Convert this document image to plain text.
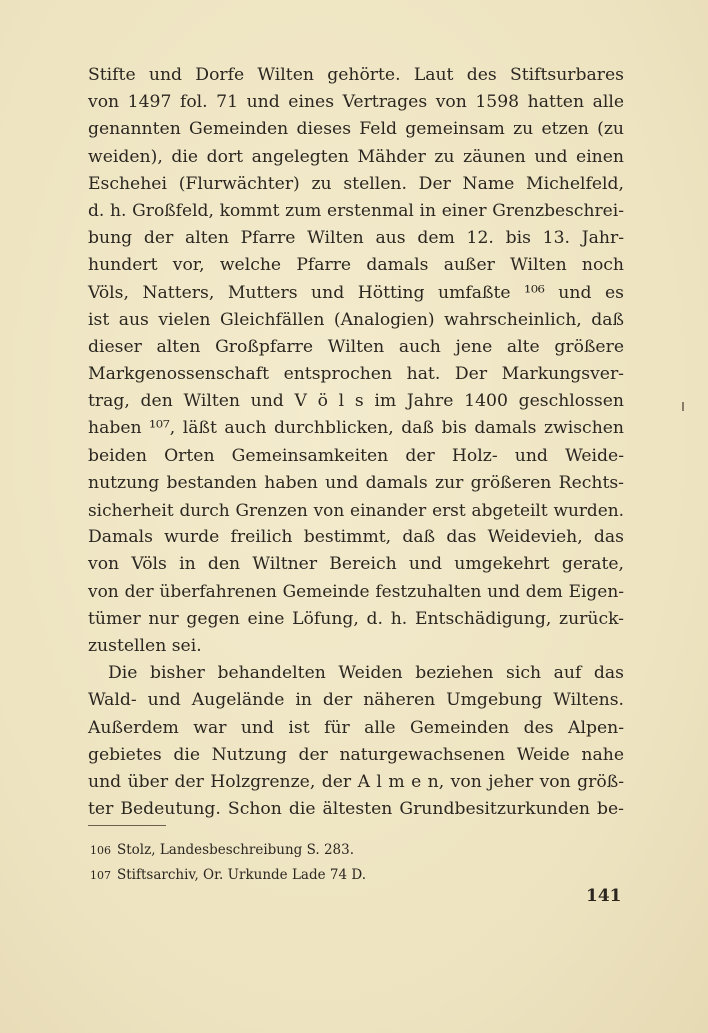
Stifte und Dorfe Wilten gehörte. Laut des Stiftsurbares
von 1497 fol. 71 und eines Vertrages von 1598 hatten alle
genannten Gemeinden dieses Feld gemeinsam zu etzen (zu
weiden), die dort angelegten Mähder zu zäunen und einen
Eschehei (Flurwächter) zu stellen. Der Name Michelfeld,
d. h. Großfeld, kommt zum erstenmal in einer Grenzbeschrei-
bung der alten Pfarre Wilten aus dem 12. bis 13. Jahr-
hundert vor, welche Pfarre damals außer Wilten noch
Völs, Natters, Mutters und Hötting umfaßte ¹⁰⁶ und es
ist aus vielen Gleichfällen (Analogien) wahrscheinlich, daß
dieser alten Großpfarre Wilten auch jene alte größere
Markgenossenschaft entsprochen hat. Der Markungsver-
trag, den Wilten und V ö l s im Jahre 1400 geschlossen
haben ¹⁰⁷, läßt auch durchblicken, daß bis damals zwischen
beiden Orten Gemeinsamkeiten der Holz- und Weide-
nutzung bestanden haben und damals zur größeren Rechts-
sicherheit durch Grenzen von einander erst abgeteilt wurden.
Damals wurde freilich bestimmt, daß das Weidevieh, das
von Völs in den Wiltner Bereich und umgekehrt gerate,
von der überfahrenen Gemeinde festzuhalten und dem Eigen-
tümer nur gegen eine Löfung, d. h. Entschädigung, zurück-
zustellen sei.
Die bisher behandelten Weiden beziehen sich auf das
Wald- und Augelände in der näheren Umgebung Wiltens.
Außerdem war und ist für alle Gemeinden des Alpen-
gebietes die Nutzung der naturgewachsenen Weide nahe
und über der Holzgrenze, der A l m e n, von jeher von größ-
ter Bedeutung. Schon die ältesten Grundbesitzurkunden be-
106 Stolz, Landesbeschreibung S. 283.
107 Stiftsarchiv, Or. Urkunde Lade 74 D.
141
